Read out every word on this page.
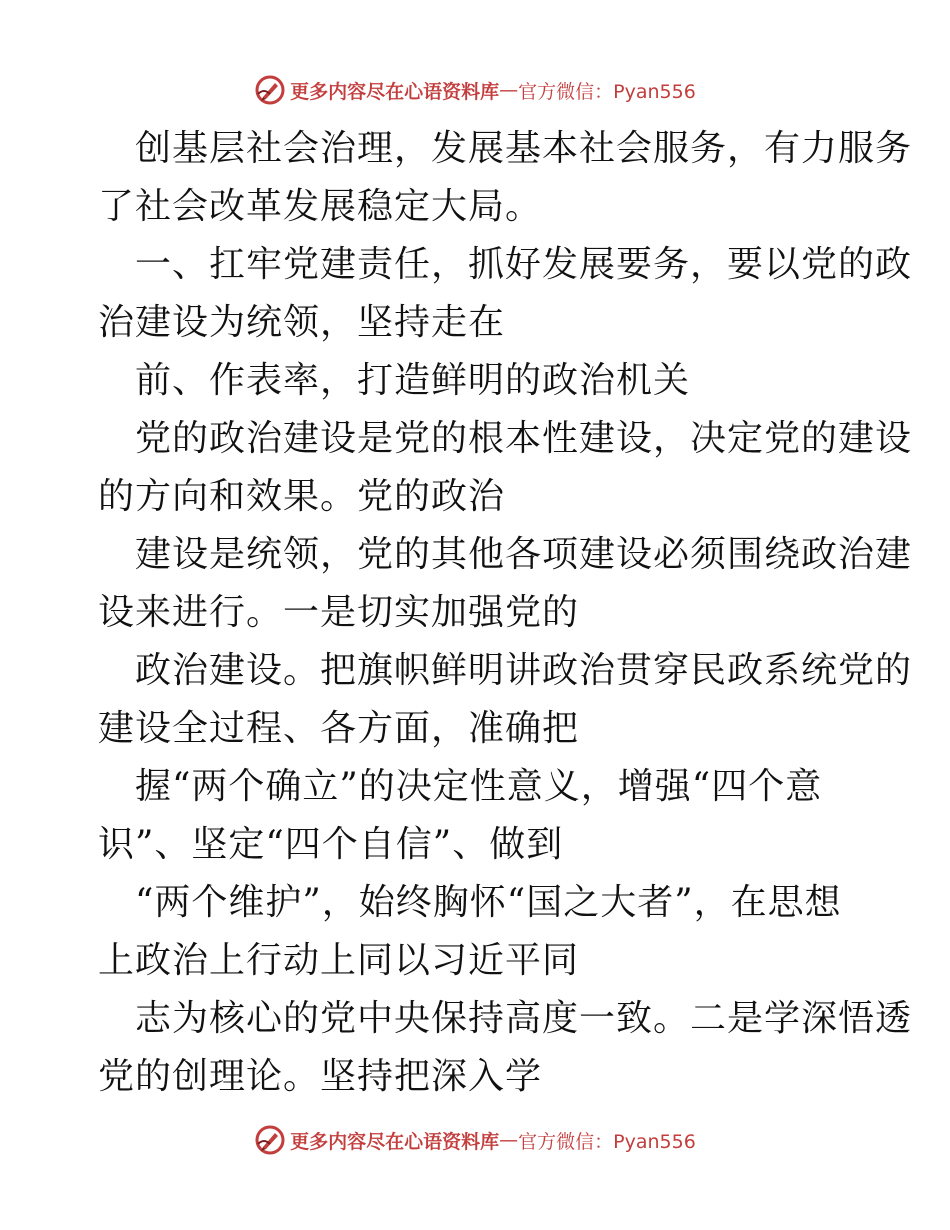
更多内容尽在心语资料库 — 官方微信：Pyan556
　创基层社会治理，发展基本社会服务，有力服务
了社会改革发展稳定大局。
　一、扛牢党建责任，抓好发展要务，要以党的政
治建设为统领，坚持走在
　前、作表率，打造鲜明的政治机关
　党的政治建设是党的根本性建设，决定党的建设
的方向和效果。党的政治
　建设是统领，党的其他各项建设必须围绕政治建
设来进行。一是切实加强党的
　政治建设。把旗帜鲜明讲政治贯穿民政系统党的
建设全过程、各方面，准确把
　握“两个确立”的决定性意义，增强“四个意
识”、坚定“四个自信”、做到
　“两个维护”，始终胸怀“国之大者”，在思想
上政治上行动上同以习近平同
　志为核心的党中央保持高度一致。二是学深悟透
党的创理论。坚持把深入学
更多内容尽在心语资料库 — 官方微信：Pyan556
